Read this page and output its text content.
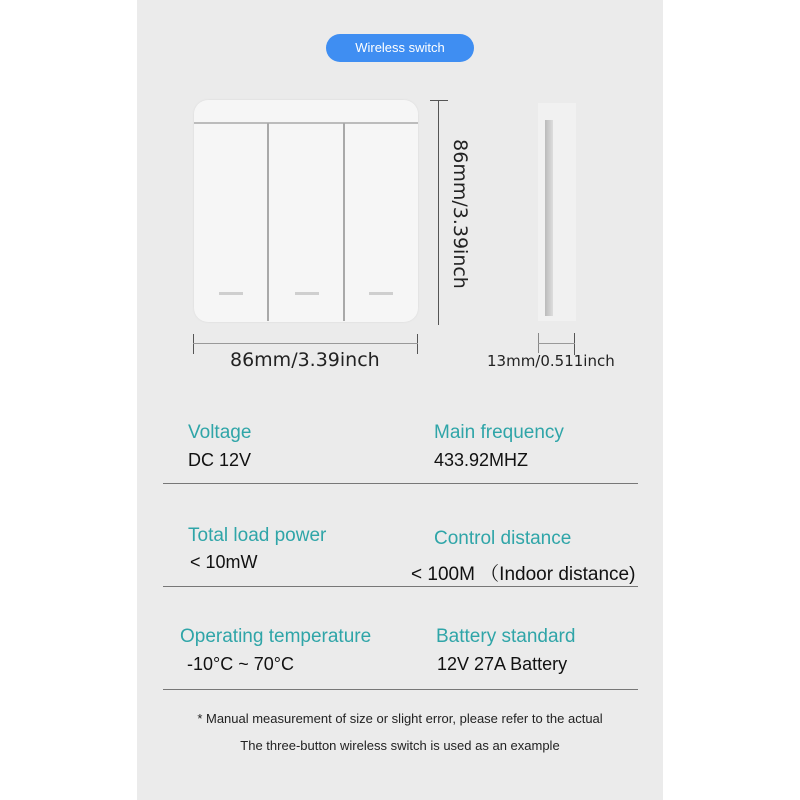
Wireless switch
86mm/3.39inch
86mm/3.39inch
13mm/0.511inch
Voltage
DC 12V
Main frequency
433.92MHZ
Total load power
< 10mW
Control distance
< 100M （Indoor distance)
Operating temperature
-10°C ~ 70°C
Battery standard
12V 27A Battery
* Manual measurement of size or slight error, please refer to the actual
The three-button wireless switch is used as an example
